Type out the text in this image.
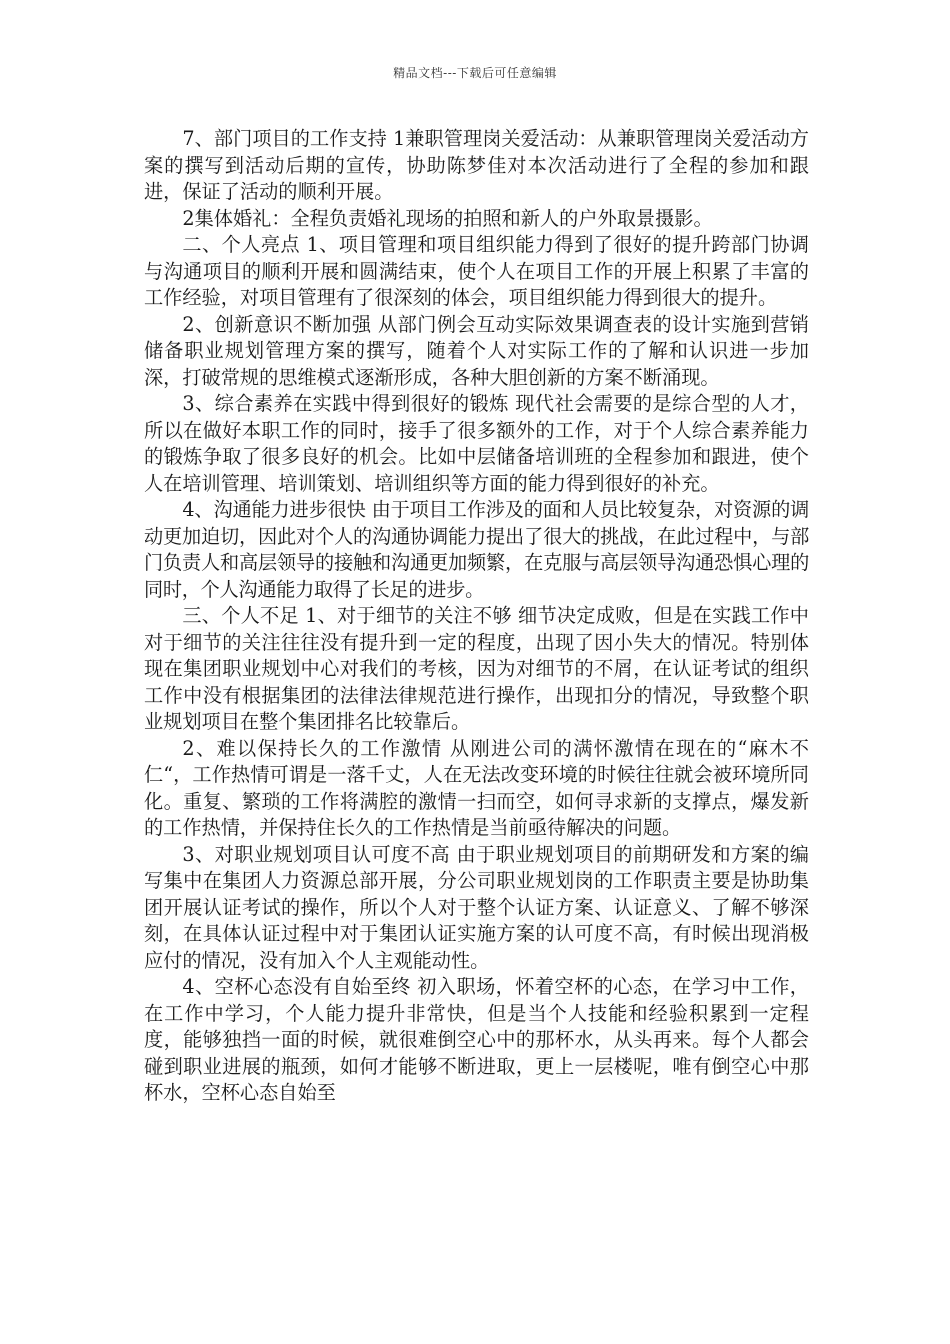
精品文档---下载后可任意编辑

7、部门项目的工作支持 1兼职管理岗关爱活动：从兼职管理岗关爱活动方案的撰写到活动后期的宣传，协助陈梦佳对本次活动进行了全程的参加和跟进，保证了活动的顺利开展。

2集体婚礼：全程负责婚礼现场的拍照和新人的户外取景摄影。

二、个人亮点 1、项目管理和项目组织能力得到了很好的提升跨部门协调与沟通项目的顺利开展和圆满结束，使个人在项目工作的开展上积累了丰富的工作经验，对项目管理有了很深刻的体会，项目组织能力得到很大的提升。

2、创新意识不断加强 从部门例会互动实际效果调查表的设计实施到营销储备职业规划管理方案的撰写，随着个人对实际工作的了解和认识进一步加深，打破常规的思维模式逐渐形成，各种大胆创新的方案不断涌现。

3、综合素养在实践中得到很好的锻炼 现代社会需要的是综合型的人才，所以在做好本职工作的同时，接手了很多额外的工作，对于个人综合素养能力的锻炼争取了很多良好的机会。比如中层储备培训班的全程参加和跟进，使个人在培训管理、培训策划、培训组织等方面的能力得到很好的补充。

4、沟通能力进步很快 由于项目工作涉及的面和人员比较复杂，对资源的调动更加迫切，因此对个人的沟通协调能力提出了很大的挑战，在此过程中，与部门负责人和高层领导的接触和沟通更加频繁，在克服与高层领导沟通恐惧心理的同时，个人沟通能力取得了长足的进步。

三、个人不足 1、对于细节的关注不够 细节决定成败，但是在实践工作中对于细节的关注往往没有提升到一定的程度，出现了因小失大的情况。特别体现在集团职业规划中心对我们的考核，因为对细节的不屑，在认证考试的组织工作中没有根据集团的法律法律规范进行操作，出现扣分的情况，导致整个职业规划项目在整个集团排名比较靠后。

2、难以保持长久的工作激情 从刚进公司的满怀激情在现在的“麻木不仁“，工作热情可谓是一落千丈，人在无法改变环境的时候往往就会被环境所同化。重复、繁琐的工作将满腔的激情一扫而空，如何寻求新的支撑点，爆发新的工作热情，并保持住长久的工作热情是当前亟待解决的问题。

3、对职业规划项目认可度不高 由于职业规划项目的前期研发和方案的编写集中在集团人力资源总部开展，分公司职业规划岗的工作职责主要是协助集团开展认证考试的操作，所以个人对于整个认证方案、认证意义、了解不够深刻，在具体认证过程中对于集团认证实施方案的认可度不高，有时候出现消极应付的情况，没有加入个人主观能动性。

4、空杯心态没有自始至终 初入职场，怀着空杯的心态，在学习中工作，在工作中学习，个人能力提升非常快，但是当个人技能和经验积累到一定程度，能够独挡一面的时候，就很难倒空心中的那杯水，从头再来。每个人都会碰到职业进展的瓶颈，如何才能够不断进取，更上一层楼呢，唯有倒空心中那杯水，空杯心态自始至
